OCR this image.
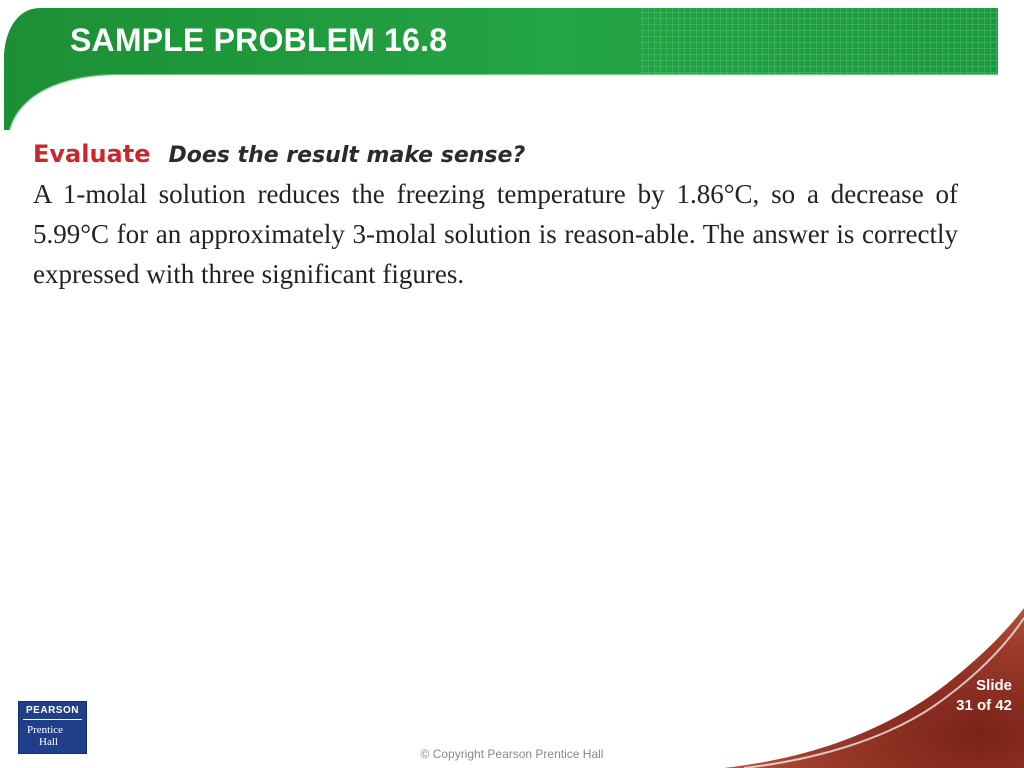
SAMPLE PROBLEM 16.8
Evaluate Does the result make sense?

A 1-molal solution reduces the freezing temperature by 1.86°C, so a decrease of 5.99°C for an approximately 3-molal solution is reason-able. The answer is correctly expressed with three significant figures.

Slide
31 of 42
PEARSON
Prentice
Hall
© Copyright Pearson Prentice Hall
